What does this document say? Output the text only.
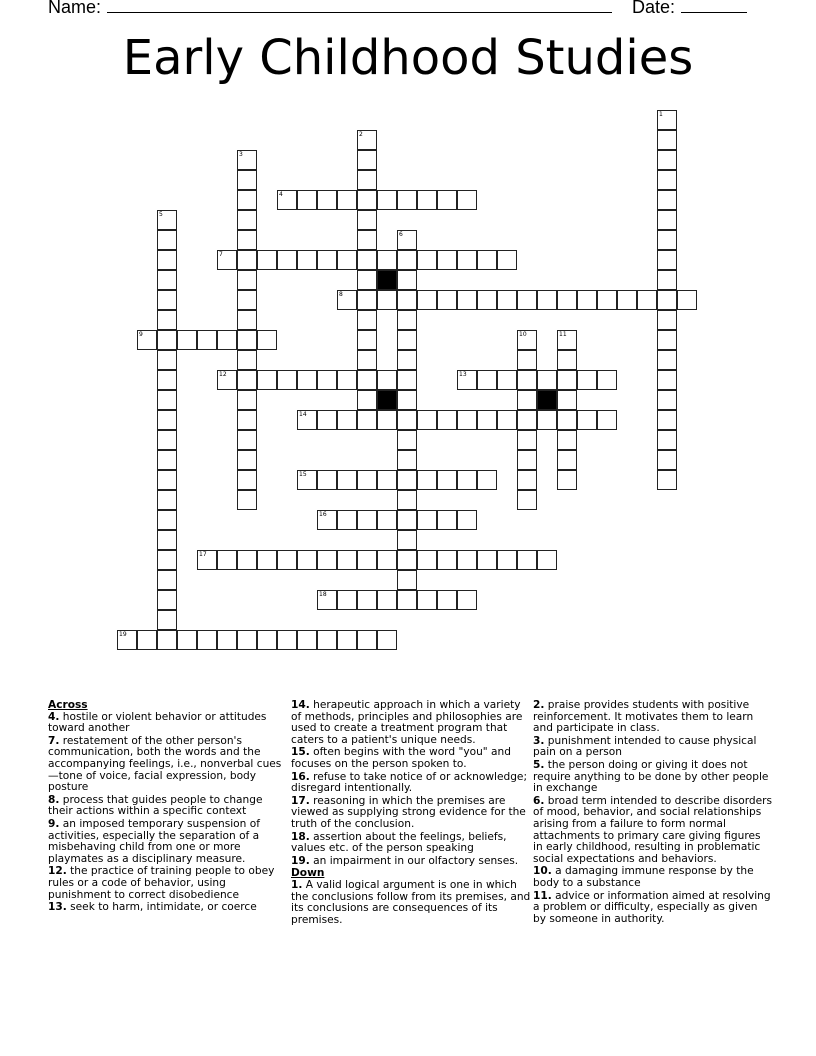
Name:	Date:
Early Childhood Studies
1
2
3
4
5
6
7
8
9	10	11
12	13
14
15
16
17
18
19
Across
4. hostile or violent behavior or attitudes toward another
7. restatement of the other person's communication, both the words and the accompanying feelings, i.e., nonverbal cues—tone of voice, facial expression, body posture
8. process that guides people to change their actions within a specific context
9. an imposed temporary suspension of activities, especially the separation of a misbehaving child from one or more playmates as a disciplinary measure.
12. the practice of training people to obey rules or a code of behavior, using punishment to correct disobedience
13. seek to harm, intimidate, or coerce
14. herapeutic approach in which a variety of methods, principles and philosophies are used to create a treatment program that caters to a patient's unique needs.
15. often begins with the word "you" and focuses on the person spoken to.
16. refuse to take notice of or acknowledge; disregard intentionally.
17. reasoning in which the premises are viewed as supplying strong evidence for the truth of the conclusion.
18. assertion about the feelings, beliefs, values etc. of the person speaking
19. an impairment in our olfactory senses.
Down
1. A valid logical argument is one in which the conclusions follow from its premises, and its conclusions are consequences of its premises.
2. praise provides students with positive reinforcement. It motivates them to learn and participate in class.
3. punishment intended to cause physical pain on a person
5. the person doing or giving it does not require anything to be done by other people in exchange
6. broad term intended to describe disorders of mood, behavior, and social relationships arising from a failure to form normal attachments to primary care giving figures in early childhood, resulting in problematic social expectations and behaviors.
10. a damaging immune response by the body to a substance
11. advice or information aimed at resolving a problem or difficulty, especially as given by someone in authority.
